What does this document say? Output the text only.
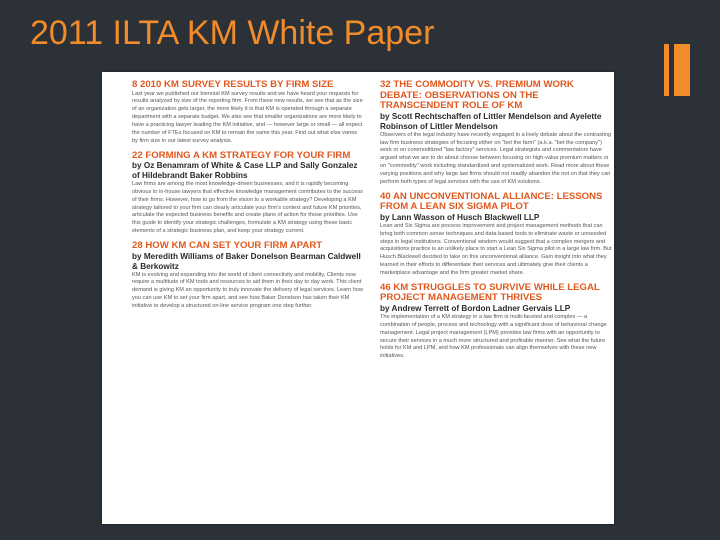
2011 ILTA KM White Paper

8 2010 KM SURVEY RESULTS BY FIRM SIZE

Last year we published our biennial KM survey results and we have heard your requests for results analyzed by size of the reporting firm. From these new results, we see that as the size of an organization gets larger, the more likely it is that KM is operated through a separate department with a separate budget. We also see that smaller organizations are more likely to have a practicing lawyer leading the KM initiative, and — however large or small — all expect the number of FTEs focused on KM to remain the same this year. Find out what else varies by firm size in our latest survey analysis.

22 FORMING A KM STRATEGY FOR YOUR FIRM

by Oz Benamram of White & Case LLP and Sally Gonzalez of Hildebrandt Baker Robbins

Law firms are among the most knowledge-driven businesses, and it is rapidly becoming obvious to in-house lawyers that effective knowledge management contributes to the success of their firms. However, how to go from the vision to a workable strategy? Developing a KM strategy tailored to your firm can clearly articulate your firm's context and future KM priorities, articulate the expected business benefits and create plans of action for those priorities. Use this guide to identify your strategic challenges, formulate a KM strategy using these basic elements of a strategic business plan, and keep your strategy current.

28 HOW KM CAN SET YOUR FIRM APART

by Meredith Williams of Baker Donelson Bearman Caldwell & Berkowitz

KM is evolving and expanding into the world of client connectivity and mobility. Clients now require a multitude of KM tools and resources to aid them in their day to day work. This client demand is giving KM an opportunity to truly innovate the delivery of legal services. Learn how you can use KM to set your firm apart, and see how Baker Donelson has taken their KM initiative to develop a structured on-line service program one step further.

32 THE COMMODITY VS. PREMIUM WORK DEBATE: OBSERVATIONS ON THE TRANSCENDENT ROLE OF KM

by Scott Rechtschaffen of Littler Mendelson and Ayelette Robinson of Littler Mendelson

Observers of the legal industry have recently engaged in a lively debate about the contrasting law firm business strategies of focusing either on "bet the farm" (a.k.a. "bet the company") work or on commoditized "law factory" services. Legal strategists and commentators have argued what we are to do about choose between focusing on high-value premium matters or on "commodity" work including standardized and systematized work. Read more about these varying positions and why large law firms should not readily abandon the not on that they can perform both types of legal services with the use of KM solutions.

40 AN UNCONVENTIONAL ALLIANCE: LESSONS FROM A LEAN SIX SIGMA PILOT

by Lann Wasson of Husch Blackwell LLP

Lean and Six Sigma are process improvement and project management methods that can bring both common sense techniques and data-based tools to eliminate waste or unneeded steps in legal institutions. Conventional wisdom would suggest that a complex mergers and acquisitions practice is an unlikely place to start a Lean Six Sigma pilot in a large law firm. But Husch Blackwell decided to take on this unconventional alliance. Gain insight into what they learned in their efforts to differentiate their services and ultimately give their clients a marketplace advantage and the firm greater market share.

46 KM STRUGGLES TO SURVIVE WHILE LEGAL PROJECT MANAGEMENT THRIVES

by Andrew Terrett of Bordon Ladner Gervais LLP

The implementation of a KM strategy in a law firm is multi-faceted and complex — a combination of people, process and technology with a significant dose of behavioral change management. Legal project management (LPM) provides law firms with an opportunity to secure their services in a much more structured and profitable manner. See what the future holds for KM and LPM, and how KM professionals can align themselves with these new initiatives.
